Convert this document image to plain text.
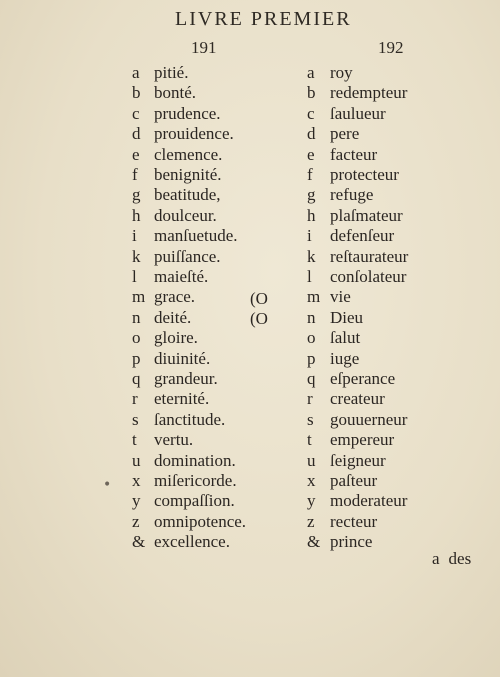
LIVRE PREMIER
191	192
a pitié.
b bonté.
c prudence.
d prouidence.
e clemence.
f benignité.
g beatitude,
h doulceur.
i manſuetude.
k puiſſance.
l maieſté.
m grace.
n deité.
o gloire.
p diuinité.
q grandeur.
r eternité.
s ſanctitude.
t vertu.
u domination.
x miſericorde.
y compaſſion.
z omnipotence.
& excellence.
a roy
b redempteur
c ſaulueur
d pere
e facteur
f protecteur
g refuge
h plaſmateur
i defenſeur
k reſtaurateur
l conſolateur
m vie
n Dieu
o ſalut
p iuge
q eſperance
r createur
s gouuerneur
t empereur
u ſeigneur
x paſteur
y moderateur
z recteur
& prince
(O
(O
•
a des
